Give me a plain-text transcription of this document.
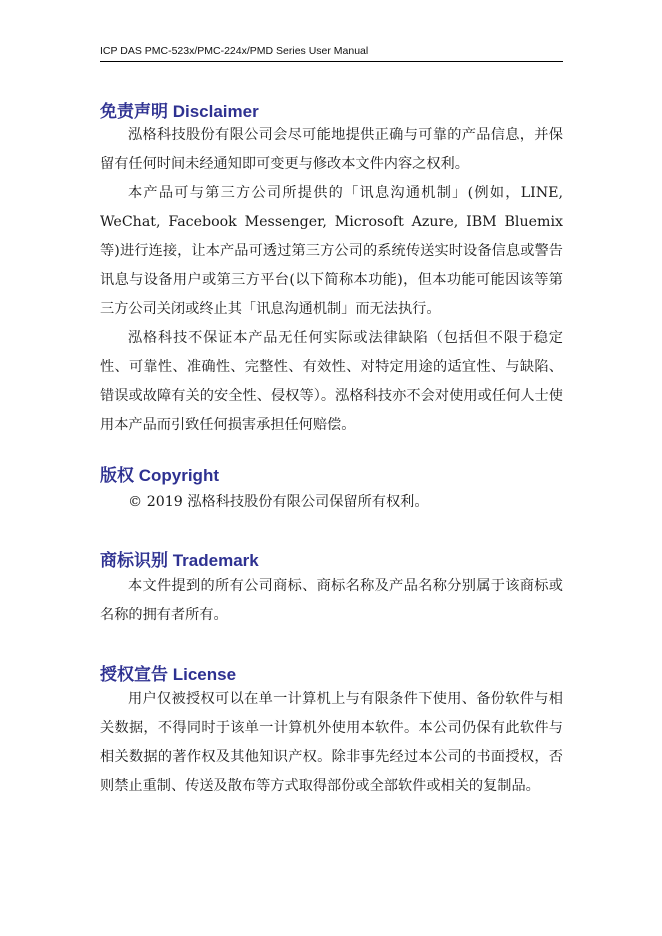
ICP DAS PMC-523x/PMC-224x/PMD Series User Manual
免责声明 Disclaimer

泓格科技股份有限公司会尽可能地提供正确与可靠的产品信息，并保留有任何时间未经通知即可变更与修改本文件内容之权利。

本产品可与第三方公司所提供的「讯息沟通机制」(例如，LINE, WeChat, Facebook Messenger, Microsoft Azure, IBM Bluemix 等)进行连接，让本产品可透过第三方公司的系统传送实时设备信息或警告讯息与设备用户或第三方平台(以下简称本功能)，但本功能可能因该等第三方公司关闭或终止其「讯息沟通机制」而无法执行。

泓格科技不保证本产品无任何实际或法律缺陷（包括但不限于稳定性、可靠性、准确性、完整性、有效性、对特定用途的适宜性、与缺陷、错误或故障有关的安全性、侵权等）。泓格科技亦不会对使用或任何人士使用本产品而引致任何损害承担任何赔偿。

版权 Copyright

© 2019 泓格科技股份有限公司保留所有权利。

商标识别 Trademark

本文件提到的所有公司商标、商标名称及产品名称分别属于该商标或名称的拥有者所有。

授权宣告 License

用户仅被授权可以在单一计算机上与有限条件下使用、备份软件与相关数据，不得同时于该单一计算机外使用本软件。本公司仍保有此软件与相关数据的著作权及其他知识产权。除非事先经过本公司的书面授权，否则禁止重制、传送及散布等方式取得部份或全部软件或相关的复制品。
